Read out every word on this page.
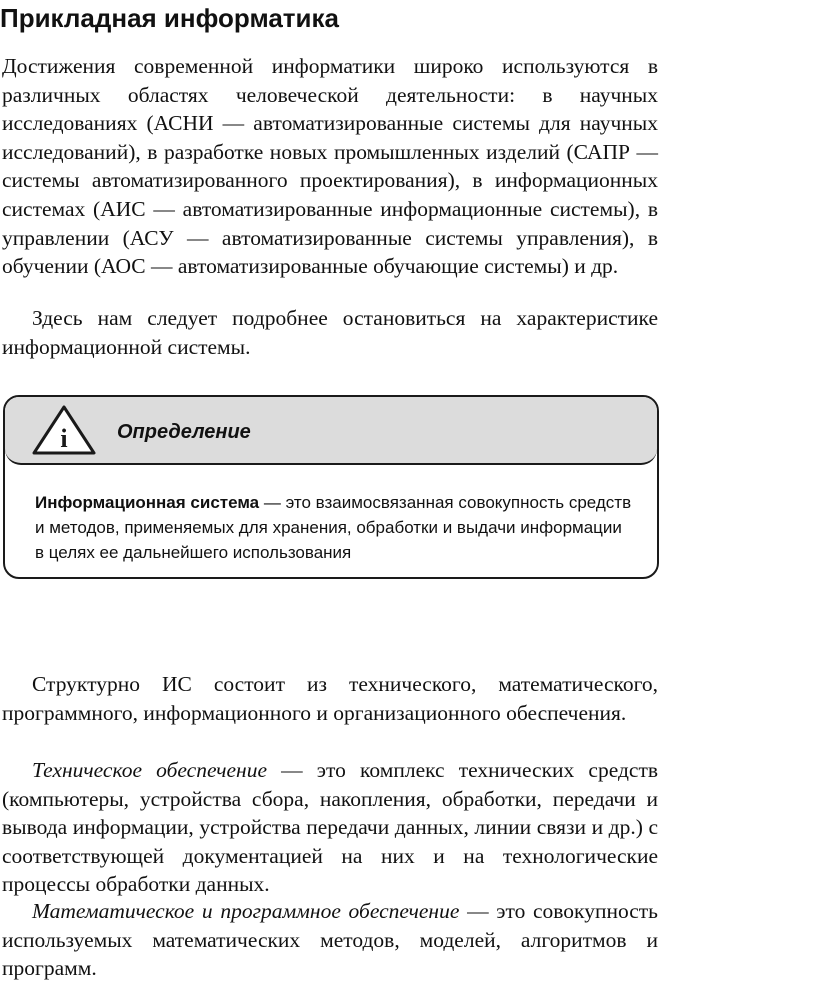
Прикладная информатика

Достижения современной информатики широко используются в различных областях человеческой деятельности: в научных исследованиях (АСНИ — автоматизированные системы для научных исследований), в разработке новых промышленных изделий (САПР — системы автоматизированного проектирования), в информационных системах (АИС — автоматизированные информационные системы), в управлении (АСУ — автоматизированные системы управления), в обучении (АОС — автоматизированные обучающие системы) и др.

Здесь нам следует подробнее остановиться на характеристике информационной системы.

i Определение
Информационная система — это взаимосвязанная совокупность средств и методов, применяемых для хранения, обработки и выдачи информации в целях ее дальнейшего использования

Структурно ИС состоит из технического, математического, программного, информационного и организационного обеспечения.

Техническое обеспечение — это комплекс технических средств (компьютеры, устройства сбора, накопления, обработки, передачи и вывода информации, устройства передачи данных, линии связи и др.) с соответствующей документацией на них и на технологические процессы обработки данных.

Математическое и программное обеспечение — это совокупность используемых математических методов, моделей, алгоритмов и программ.
